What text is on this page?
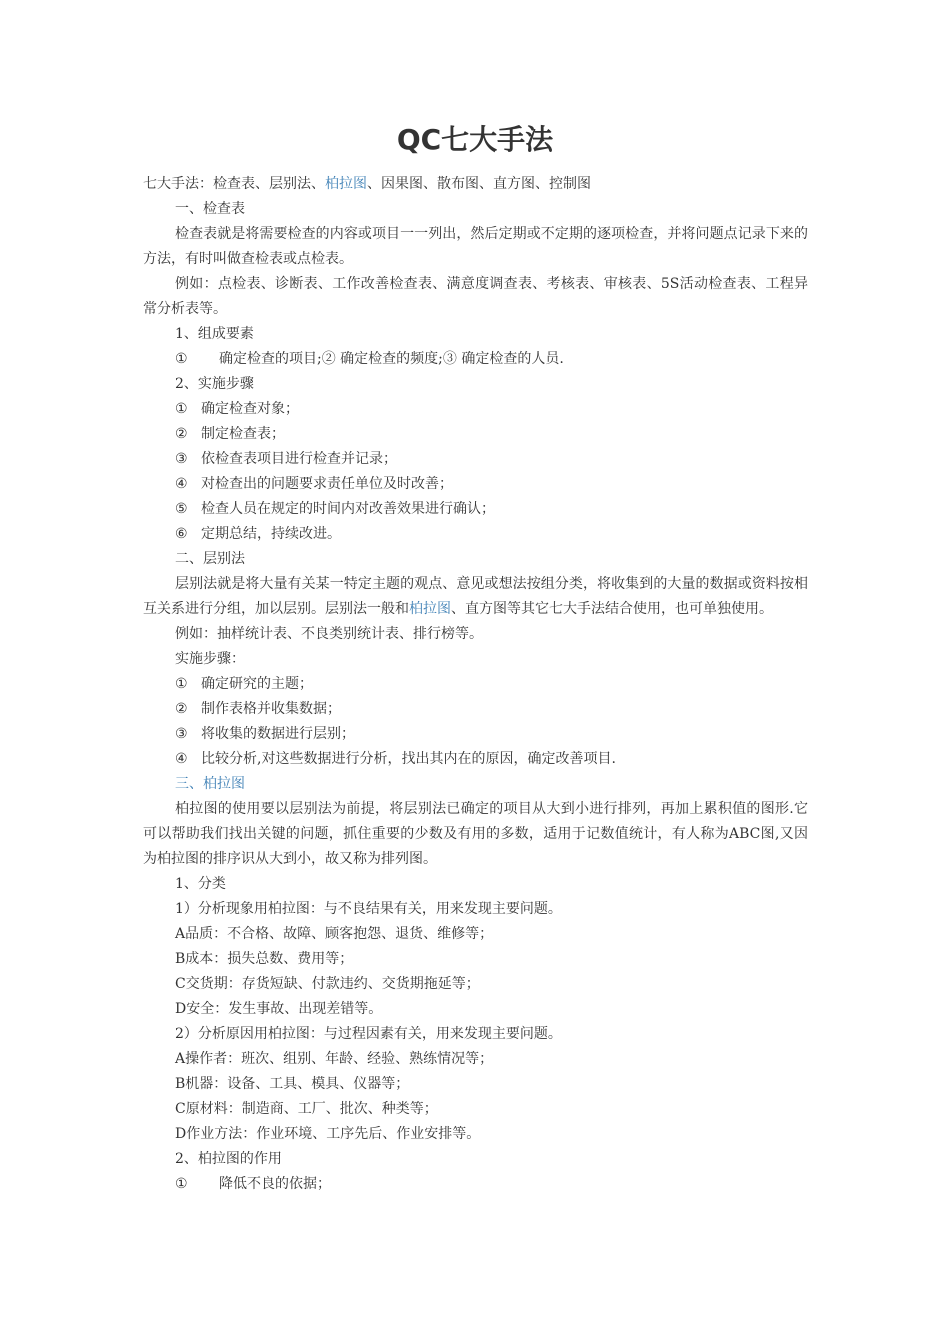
QC七大手法

七大手法：检查表、层别法、柏拉图、因果图、散布图、直方图、控制图

一、检查表

检查表就是将需要检查的内容或项目一一列出，然后定期或不定期的逐项检查，并将问题点记录下来的方法，有时叫做查检表或点检表。

例如：点检表、诊断表、工作改善检查表、满意度调查表、考核表、审核表、5S活动检查表、工程异常分析表等。

1、组成要素

① 确定检查的项目;② 确定检查的频度;③ 确定检查的人员.

2、实施步骤

① 确定检查对象；

② 制定检查表；

③ 依检查表项目进行检查并记录；

④ 对检查出的问题要求责任单位及时改善；

⑤ 检查人员在规定的时间内对改善效果进行确认；

⑥ 定期总结，持续改进。

二、层别法

层别法就是将大量有关某一特定主题的观点、意见或想法按组分类，将收集到的大量的数据或资料按相互关系进行分组，加以层别。层别法一般和柏拉图、直方图等其它七大手法结合使用，也可单独使用。

例如：抽样统计表、不良类别统计表、排行榜等。

实施步骤：

① 确定研究的主题；

② 制作表格并收集数据；

③ 将收集的数据进行层别；

④ 比较分析,对这些数据进行分析，找出其内在的原因，确定改善项目.

三、柏拉图

柏拉图的使用要以层别法为前提，将层别法已确定的项目从大到小进行排列，再加上累积值的图形.它可以帮助我们找出关键的问题，抓住重要的少数及有用的多数，适用于记数值统计，有人称为ABC图,又因为柏拉图的排序识从大到小，故又称为排列图。

1、分类

1）分析现象用柏拉图：与不良结果有关，用来发现主要问题。

A品质：不合格、故障、顾客抱怨、退货、维修等；

B成本：损失总数、费用等；

C交货期：存货短缺、付款违约、交货期拖延等；

D安全：发生事故、出现差错等。

2）分析原因用柏拉图：与过程因素有关，用来发现主要问题。

A操作者：班次、组别、年龄、经验、熟练情况等；

B机器：设备、工具、模具、仪器等；

C原材料：制造商、工厂、批次、种类等；

D作业方法：作业环境、工序先后、作业安排等。

2、柏拉图的作用

① 降低不良的依据；
